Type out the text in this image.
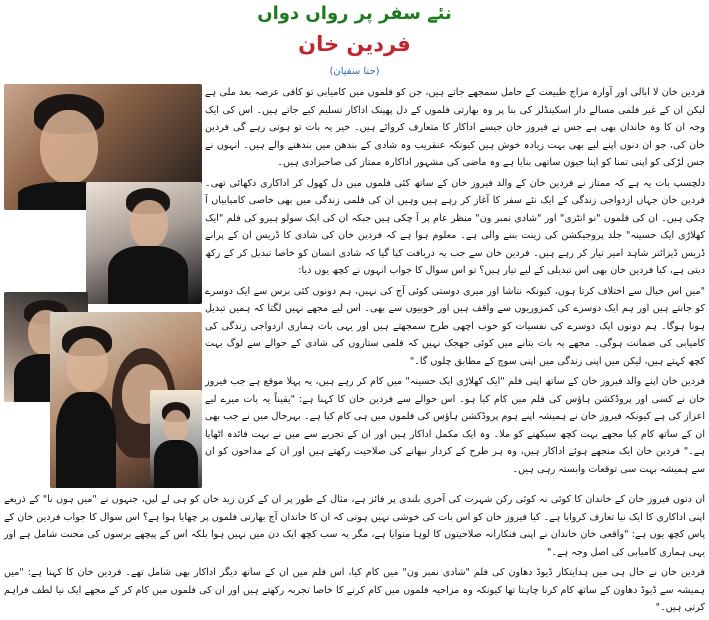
نئے سفر پر رواں دواں
فردین خان
(حنا سفیان)

فردین خان لا ابالی اور آوارہ مزاج طبیعت کے حامل سمجھے جاتے ہیں، جن کو فلموں میں کامیابی تو کافی عرصہ بعد ملی ہے لیکن ان کے غیر فلمی مسالے دار اسکینڈلز کی بنا پر وہ بھارتی فلموں کے دل پھینک اداکار تسلیم کیے جاتے ہیں۔ اس کی ایک وجہ ان کا وہ خاندان بھی ہے جس نے فیروز خان جیسے اداکار کا متعارف کروائے ہیں۔ خیر یہ بات تو ہوتی رہے گی فردین خان کی، جو ان دنوں اپنے لیے بھی بہت زیادہ خوش ہیں کیونکہ عنقریب وہ شادی کے بندھن میں بندھنے والے ہیں۔ انہوں نے جس لڑکی کو اپنی تمنا کو اپنا جیون ساتھی بنایا ہے وہ ماضی کی مشہور اداکارہ ممتاز کی صاحبزادی ہیں۔

دلچسپ بات یہ ہے کہ ممتاز نے فردین خان کے والد فیروز خان کے ساتھ کئی فلموں میں دل کھول کر اداکاری دکھائی تھی۔ فردین خان جہاں ازدواجی زندگی کے ایک نئے سفر کا آغاز کر رہے ہیں وہیں ان کی فلمی زندگی میں بھی خاصی کامیابیاں آ چکی ہیں۔ ان کی فلموں "نو انٹری" اور "شادی نمبر ون" منظر عام پر آ چکی ہیں جبکہ ان کی ایک سولو ہیرو کی فلم "ایک کھلاڑی ایک حسینہ" جلد پروجیکشن کی زینت بننے والی ہے۔ معلوم ہوا ہے کہ فردین خان کی شادی کا ڈریس ان کے پرانے ڈریس ڈیزائنر شاہد امیر تیار کر رہے ہیں۔ فردین خان سے جب یہ دریافت کیا گیا کہ شادی انسان کو خاصا تبدیل کر کے رکھ دیتی ہے، کیا فردین خان بھی اس تبدیلی کے لیے تیار ہیں؟ تو اس سوال کا جواب انہوں نے کچھ یوں دیا:

"میں اس خیال سے اختلاف کرتا ہوں، کیونکہ نتاشا اور میری دوستی کوئی آج کی نہیں، ہم دونوں کئی برس سے ایک دوسرے کو جانتے ہیں اور ہم ایک دوسرے کی کمزوریوں سے واقف ہیں اور خوبیوں سے بھی۔ اس لیے مجھے نہیں لگتا کہ ہمیں تبدیل ہونا ہوگا۔ ہم دونوں ایک دوسرے کی نفسیات کو خوب اچھی طرح سمجھتے ہیں اور یہی بات ہماری ازدواجی زندگی کی کامیابی کی ضمانت ہوگی۔ مجھے یہ بات بتانے میں کوئی جھجک نہیں کہ فلمی ستاروں کی شادی کے حوالے سے لوگ بہت کچھ کہتے ہیں، لیکن میں اپنی زندگی میں اپنی سوچ کے مطابق چلوں گا۔"

فردین خان اپنے والد فیروز خان کے ساتھ اپنی فلم "ایک کھلاڑی ایک حسینہ" میں کام کر رہے ہیں، یہ پہلا موقع ہے جب فیروز خان نے کسی اور پروڈکشن ہاؤس کی فلم میں کام کیا ہو۔ اس حوالے سے فردین خان کا کہنا ہے: "یقیناً یہ بات میرے لیے اعزاز کی ہے کیونکہ فیروز خان نے ہمیشہ اپنے ہوم پروڈکشن ہاؤس کی فلموں میں ہی کام کیا ہے۔ بہرحال میں نے جب بھی ان کے ساتھ کام کیا مجھے بہت کچھ سیکھنے کو ملا۔ وہ ایک مکمل اداکار ہیں اور ان کے تجربے سے میں نے بہت فائدہ اٹھایا ہے۔" فردین خان ایک منجھے ہوئے اداکار ہیں، وہ ہر طرح کے کردار نبھانے کی صلاحیت رکھتے ہیں اور ان کے مداحوں کو ان سے ہمیشہ بہت سی توقعات وابستہ رہی ہیں۔

ان دنوں فیروز خان کے خاندان کا کوئی نہ کوئی رکن شہرت کی آخری بلندی پر فائز ہے، مثال کے طور پر ان کے کزن زید خان کو ہی لے لیں، جنہوں نے "میں ہوں نا" کے ذریعے اپنی اداکاری کا ایک نیا تعارف کروایا ہے۔ کیا فیروز خان کو اس بات کی خوشی نہیں ہوتی کہ ان کا خاندان آج بھارتی فلموں پر چھایا ہوا ہے؟ اس سوال کا جواب فردین خان کے پاس کچھ یوں ہے: "واقعی خان خاندان نے اپنی فنکارانہ صلاحیتوں کا لوہا منوایا ہے، مگر یہ سب کچھ ایک دن میں نہیں ہوا بلکہ اس کے پیچھے برسوں کی محنت شامل ہے اور یہی ہماری کامیابی کی اصل وجہ ہے۔"

فردین خان نے حال ہی میں ہدایتکار ڈیوڈ دھاون کی فلم "شادی نمبر ون" میں کام کیا، اس فلم میں ان کے ساتھ دیگر اداکار بھی شامل تھے۔ فردین خان کا کہنا ہے: "میں ہمیشہ سے ڈیوڈ دھاون کے ساتھ کام کرنا چاہتا تھا کیونکہ وہ مزاحیہ فلموں میں کام کرنے کا خاصا تجربہ رکھتے ہیں اور ان کی فلموں میں کام کر کے مجھے ایک نیا لطف فراہم کرتی ہیں۔"
